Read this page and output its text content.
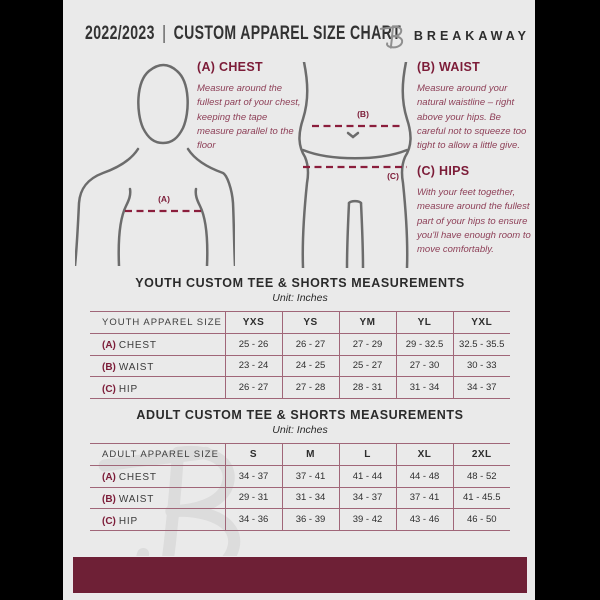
2022/2023 | CUSTOM APPAREL SIZE CHART BREAKAWAY
(A)
(A) CHEST

Measure around the fullest part of your chest, keeping the tape measure parallel to the floor

(B)
(C)
(B) WAIST

Measure around your natural waistline – right above your hips. Be careful not to squeeze too tight to allow a little give.

(C) HIPS

With your feet together, measure around the fullest part of your hips to ensure you'll have enough room to move comfortably.

YOUTH CUSTOM TEE & SHORTS MEASUREMENTS
Unit: Inches
YOUTH APPAREL SIZE	YXS	YS	YM	YL	YXL
(A) CHEST	25 - 26	26 - 27	27 - 29	29 - 32.5	32.5 - 35.5
(B) WAIST	23 - 24	24 - 25	25 - 27	27 - 30	30 - 33
(C) HIP	26 - 27	27 - 28	28 - 31	31 - 34	34 - 37
ADULT CUSTOM TEE & SHORTS MEASUREMENTS
Unit: Inches
ADULT APPAREL SIZE	S	M	L	XL	2XL
(A) CHEST	34 - 37	37 - 41	41 - 44	44 - 48	48 - 52
(B) WAIST	29 - 31	31 - 34	34 - 37	37 - 41	41 - 45.5
(C) HIP	34 - 36	36 - 39	39 - 42	43 - 46	46 - 50
